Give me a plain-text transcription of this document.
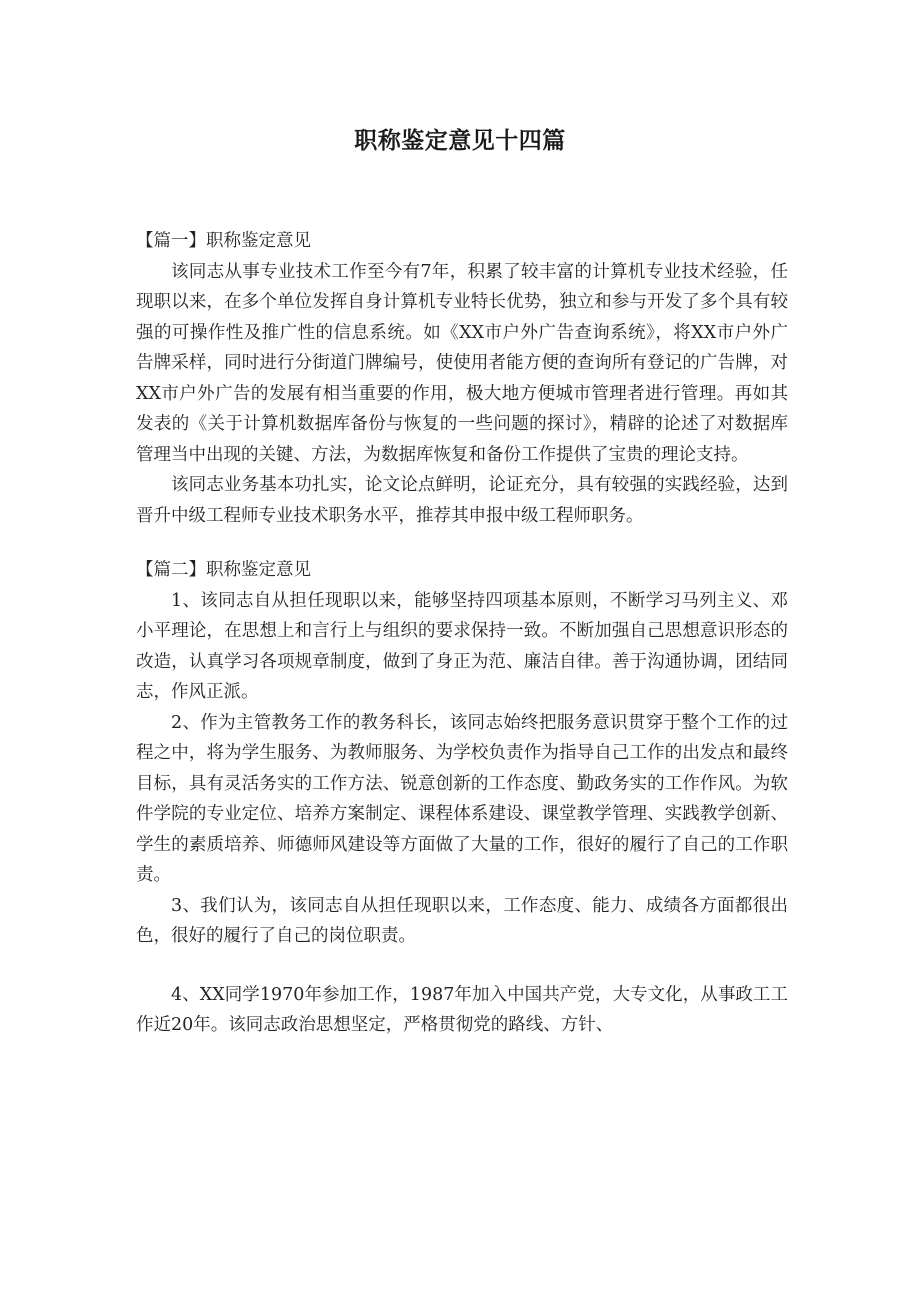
职称鉴定意见十四篇
【篇一】职称鉴定意见

该同志从事专业技术工作至今有7年，积累了较丰富的计算机专业技术经验，任现职以来，在多个单位发挥自身计算机专业特长优势，独立和参与开发了多个具有较强的可操作性及推广性的信息系统。如《XX市户外广告查询系统》，将XX市户外广告牌采样，同时进行分街道门牌编号，使使用者能方便的查询所有登记的广告牌，对XX市户外广告的发展有相当重要的作用，极大地方便城市管理者进行管理。再如其发表的《关于计算机数据库备份与恢复的一些问题的探讨》，精辟的论述了对数据库管理当中出现的关键、方法，为数据库恢复和备份工作提供了宝贵的理论支持。

该同志业务基本功扎实，论文论点鲜明，论证充分，具有较强的实践经验，达到晋升中级工程师专业技术职务水平，推荐其申报中级工程师职务。

【篇二】职称鉴定意见

1、该同志自从担任现职以来，能够坚持四项基本原则，不断学习马列主义、邓小平理论，在思想上和言行上与组织的要求保持一致。不断加强自己思想意识形态的改造，认真学习各项规章制度，做到了身正为范、廉洁自律。善于沟通协调，团结同志，作风正派。

2、作为主管教务工作的教务科长，该同志始终把服务意识贯穿于整个工作的过程之中，将为学生服务、为教师服务、为学校负责作为指导自己工作的出发点和最终目标，具有灵活务实的工作方法、锐意创新的工作态度、勤政务实的工作作风。为软件学院的专业定位、培养方案制定、课程体系建设、课堂教学管理、实践教学创新、学生的素质培养、师德师风建设等方面做了大量的工作，很好的履行了自己的工作职责。

3、我们认为，该同志自从担任现职以来，工作态度、能力、成绩各方面都很出色，很好的履行了自己的岗位职责。

4、XX同学1970年参加工作，1987年加入中国共产党，大专文化，从事政工工作近20年。该同志政治思想坚定，严格贯彻党的路线、方针、
